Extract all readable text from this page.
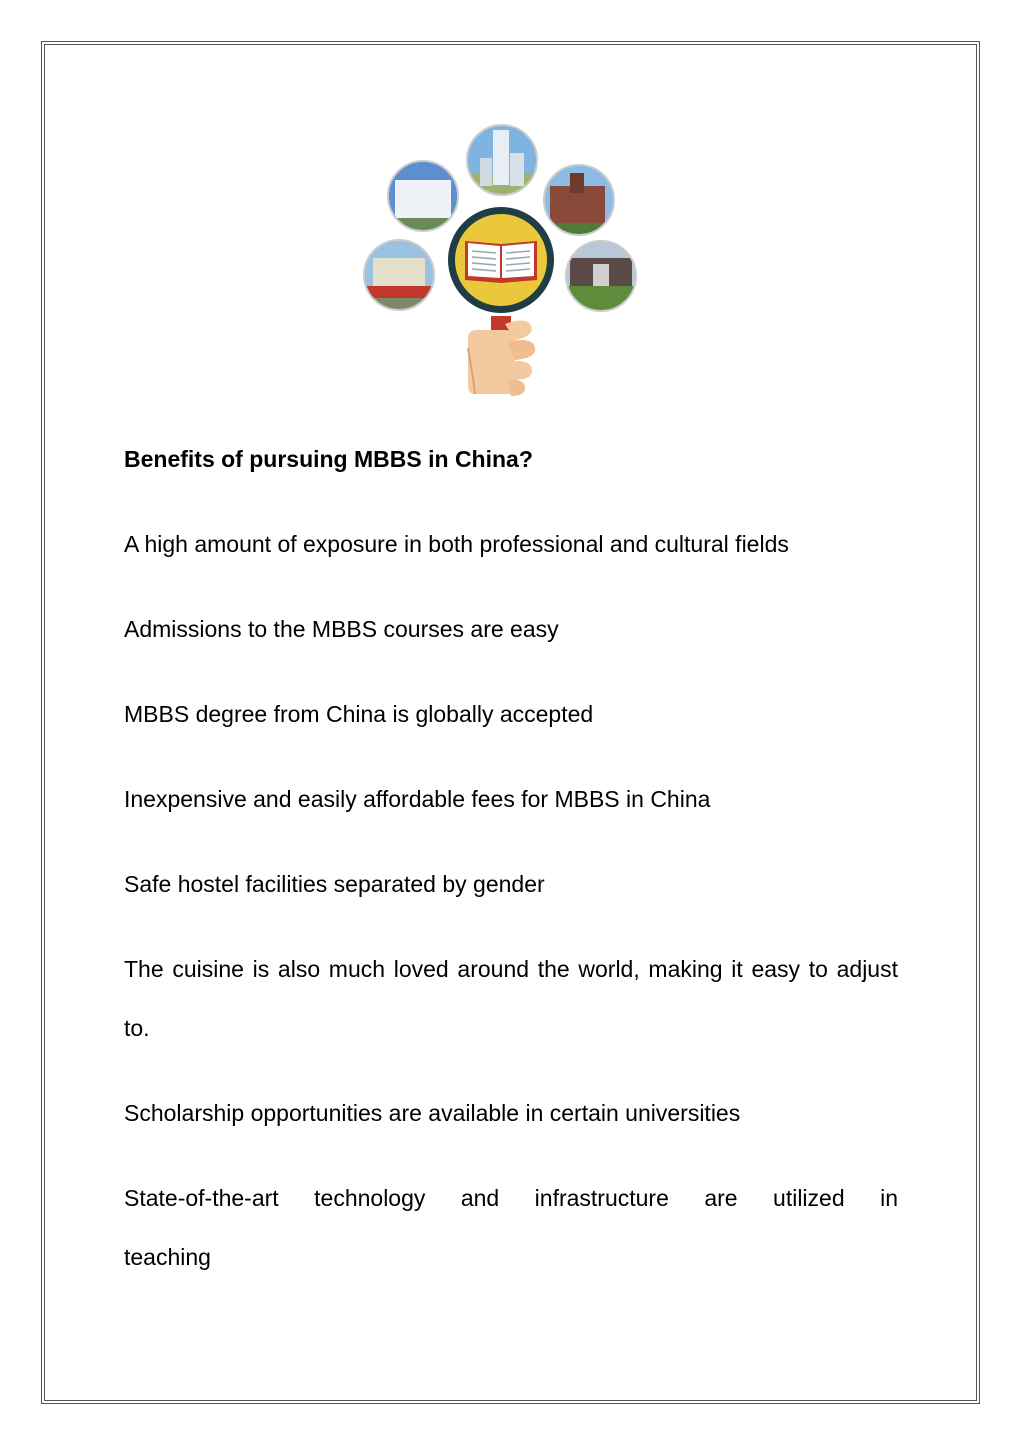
Benefits of pursuing MBBS in China?

A high amount of exposure in both professional and cultural fields

Admissions to the MBBS courses are easy

MBBS degree from China is globally accepted

Inexpensive and easily affordable fees for MBBS in China

Safe hostel facilities separated by gender

The cuisine is also much loved around the world, making it easy to adjust to.

Scholarship opportunities are available in certain universities

State-of-the-art technology and infrastructure are utilized in
teaching
